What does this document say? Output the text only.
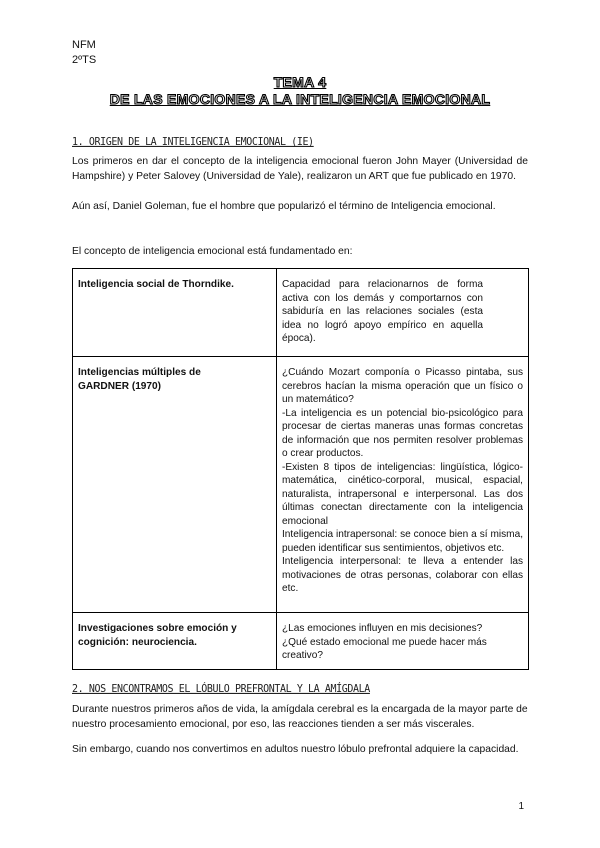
NFM
2ºTS
TEMA 4
DE LAS EMOCIONES A LA INTELIGENCIA EMOCIONAL
1. ORIGEN DE LA INTELIGENCIA EMOCIONAL (IE)
Los primeros en dar el concepto de la inteligencia emocional fueron John Mayer (Universidad de Hampshire) y Peter Salovey (Universidad de Yale), realizaron un ART que fue publicado en 1970.
Aún así, Daniel Goleman, fue el hombre que popularizó el término de Inteligencia emocional.
El concepto de inteligencia emocional está fundamentado en:
Inteligencia social de Thorndike.	Capacidad para relacionarnos de forma activa con los demás y comportarnos con sabiduría en las relaciones sociales (esta idea no logró apoyo empírico en aquella época).

Inteligencias múltiples de GARDNER (1970)	¿Cuándo Mozart componía o Picasso pintaba, sus cerebros hacían la misma operación que un físico o un matemático?
-La inteligencia es un potencial bio-psicológico para procesar de ciertas maneras unas formas concretas de información que nos permiten resolver problemas o crear productos.
-Existen 8 tipos de inteligencias: lingüística, lógico-matemática, cinético-corporal, musical, espacial, naturalista, intrapersonal e interpersonal. Las dos últimas conectan directamente con la inteligencia emocional
Inteligencia intrapersonal: se conoce bien a sí misma, pueden identificar sus sentimientos, objetivos etc.
Inteligencia interpersonal: te lleva a entender las motivaciones de otras personas, colaborar con ellas etc.

Investigaciones sobre emoción y cognición: neurociencia.	¿Las emociones influyen en mis decisiones?
¿Qué estado emocional me puede hacer más creativo?
2. NOS ENCONTRAMOS EL LÓBULO PREFRONTAL Y LA AMÍGDALA
Durante nuestros primeros años de vida, la amígdala cerebral es la encargada de la mayor parte de nuestro procesamiento emocional, por eso, las reacciones tienden a ser más viscerales.
Sin embargo, cuando nos convertimos en adultos nuestro lóbulo prefrontal adquiere la capacidad.
1
